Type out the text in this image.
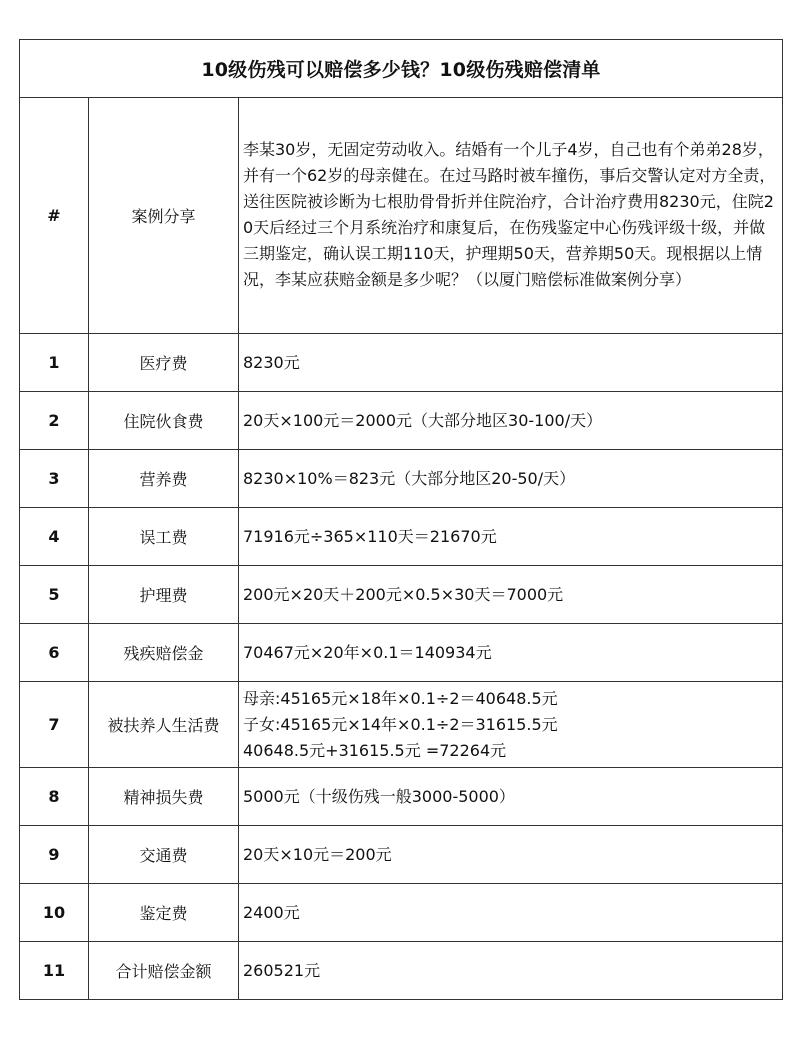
10级伤残可以赔偿多少钱？10级伤残赔偿清单		
#	案例分享	李某30岁，无固定劳动收入。结婚有一个儿子4岁，自己也有个弟弟28岁，并有一个62岁的母亲健在。在过马路时被车撞伤，事后交警认定对方全责， 送往医院被诊断为七根肋骨骨折并住院治疗，合计治疗费用8230元，住院20天后经过三个月系统治疗和康复后，在伤残鉴定中心伤残评级十级，并做三期鉴定，确认误工期110天，护理期50天，营养期50天。现根据以上情况，李某应获赔金额是多少呢？（以厦门赔偿标准做案例分享）

1	医疗费	8230元
2	住院伙食费	20天×100元＝2000元（大部分地区30-100/天）
3	营养费	8230×10%＝823元（大部分地区20-50/天）
4	误工费	71916元÷365×110天＝21670元
5	护理费	200元×20天＋200元×0.5×30天＝7000元
6	残疾赔偿金	70467元×20年×0.1＝140934元
7	被扶养人生活费	母亲:45165元×18年×0.1÷2＝40648.5元
子女:45165元×14年×0.1÷2＝31615.5元
40648.5元+31615.5元 =72264元

8	精神损失费	5000元（十级伤残一般3000-5000）
9	交通费	20天×10元＝200元
10	鉴定费	2400元
11	合计赔偿金额	260521元
